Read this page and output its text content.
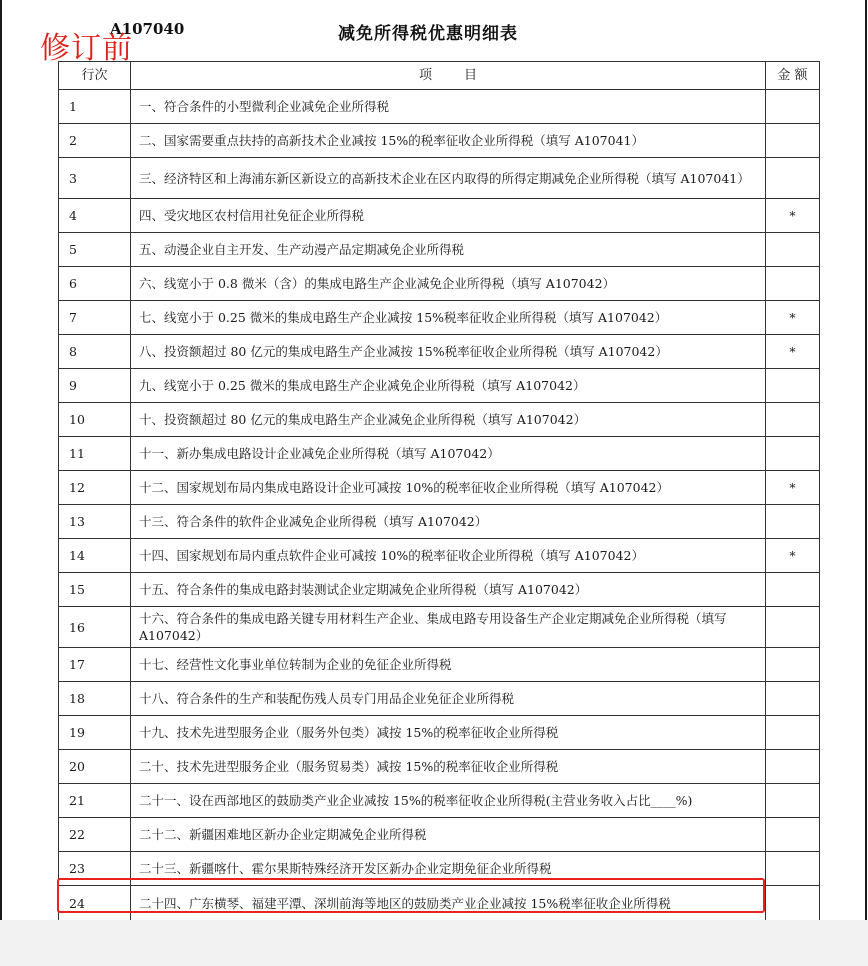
A107040	减免所得税优惠明细表
行次	项　　目	金 额
1	一、符合条件的小型微利企业减免企业所得税	
2	二、国家需要重点扶持的高新技术企业减按 15%的税率征收企业所得税（填写 A107041）	
3	三、经济特区和上海浦东新区新设立的高新技术企业在区内取得的所得定期减免企业所得税（填写 A107041）	
4	四、受灾地区农村信用社免征企业所得税	*
5	五、动漫企业自主开发、生产动漫产品定期减免企业所得税	
6	六、线宽小于 0.8 微米（含）的集成电路生产企业减免企业所得税（填写 A107042）	
7	七、线宽小于 0.25 微米的集成电路生产企业减按 15%税率征收企业所得税（填写 A107042）	*
8	八、投资额超过 80 亿元的集成电路生产企业减按 15%税率征收企业所得税（填写 A107042）	*
9	九、线宽小于 0.25 微米的集成电路生产企业减免企业所得税（填写 A107042）	
10	十、投资额超过 80 亿元的集成电路生产企业减免企业所得税（填写 A107042）	
11	十一、新办集成电路设计企业减免企业所得税（填写 A107042）	
12	十二、国家规划布局内集成电路设计企业可减按 10%的税率征收企业所得税（填写 A107042）	*
13	十三、符合条件的软件企业减免企业所得税（填写 A107042）	
14	十四、国家规划布局内重点软件企业可减按 10%的税率征收企业所得税（填写 A107042）	*
15	十五、符合条件的集成电路封装测试企业定期减免企业所得税（填写 A107042）	
16	十六、符合条件的集成电路关键专用材料生产企业、集成电路专用设备生产企业定期减免企业所得税（填写 A107042）	
17	十七、经营性文化事业单位转制为企业的免征企业所得税	
18	十八、符合条件的生产和装配伤残人员专门用品企业免征企业所得税	
19	十九、技术先进型服务企业（服务外包类）减按 15%的税率征收企业所得税	
20	二十、技术先进型服务企业（服务贸易类）减按 15%的税率征收企业所得税	
21	二十一、设在西部地区的鼓励类产业企业减按 15%的税率征收企业所得税(主营业务收入占比____%)	
22	二十二、新疆困难地区新办企业定期减免企业所得税	
23	二十三、新疆喀什、霍尔果斯特殊经济开发区新办企业定期免征企业所得税	
24	二十四、广东横琴、福建平潭、深圳前海等地区的鼓励类产业企业减按 15%税率征收企业所得税	
修订前
